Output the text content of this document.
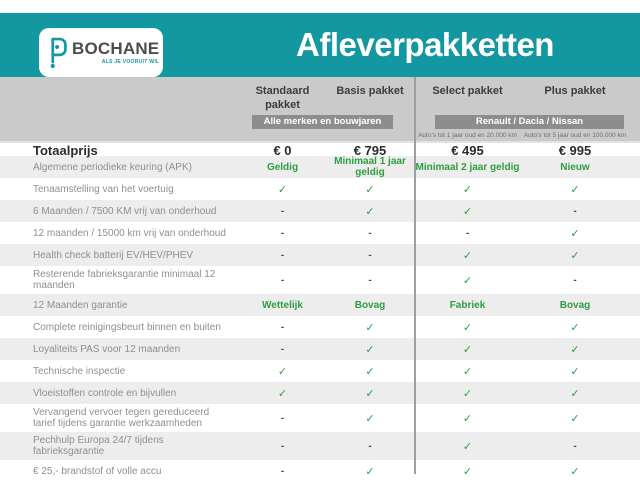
BOCHANE
ALS JE VOORUIT WIL	Afleverpakketten
Standaard pakket
Basis pakket	Select pakket	Plus pakket
Alle merken en bouwjaren	Renault / Dacia / Nissan
Auto's tot 1 jaar oud en 20.000 km	Auto's tot 5 jaar oud en 100.000 km
Totaalprijs	€ 0	€ 795	€ 495	€ 995
Algemene periodieke keuring (APK)	Geldig	Minimaal 1 jaar geldig	Minimaal 2 jaar geldig	Nieuw
Tenaamstelling van het voertuig	✓	✓	✓	✓
6 Maanden / 7500 KM vrij van onderhoud	-	✓	✓	-
12 maanden / 15000 km vrij van onderhoud	-	-	-	✓
Health check batterij EV/HEV/PHEV	-	-	✓	✓
Resterende fabrieksgarantie minimaal 12 maanden	-	-	✓	-
12 Maanden garantie	Wettelijk	Bovag	Fabriek	Bovag
Complete reinigingsbeurt binnen en buiten	-	✓	✓	✓
Loyaliteits PAS voor 12 maanden	-	✓	✓	✓
Technische inspectie	✓	✓	✓	✓
Vloeistoffen controle en bijvullen	✓	✓	✓	✓
Vervangend vervoer tegen gereduceerd tarief tijdens garantie werkzaamheden	-	✓	✓	✓
Pechhulp Europa 24/7 tijdens fabrieksgarantie	-	-	✓	-
€ 25,- brandstof of volle accu	-	✓	✓	✓
